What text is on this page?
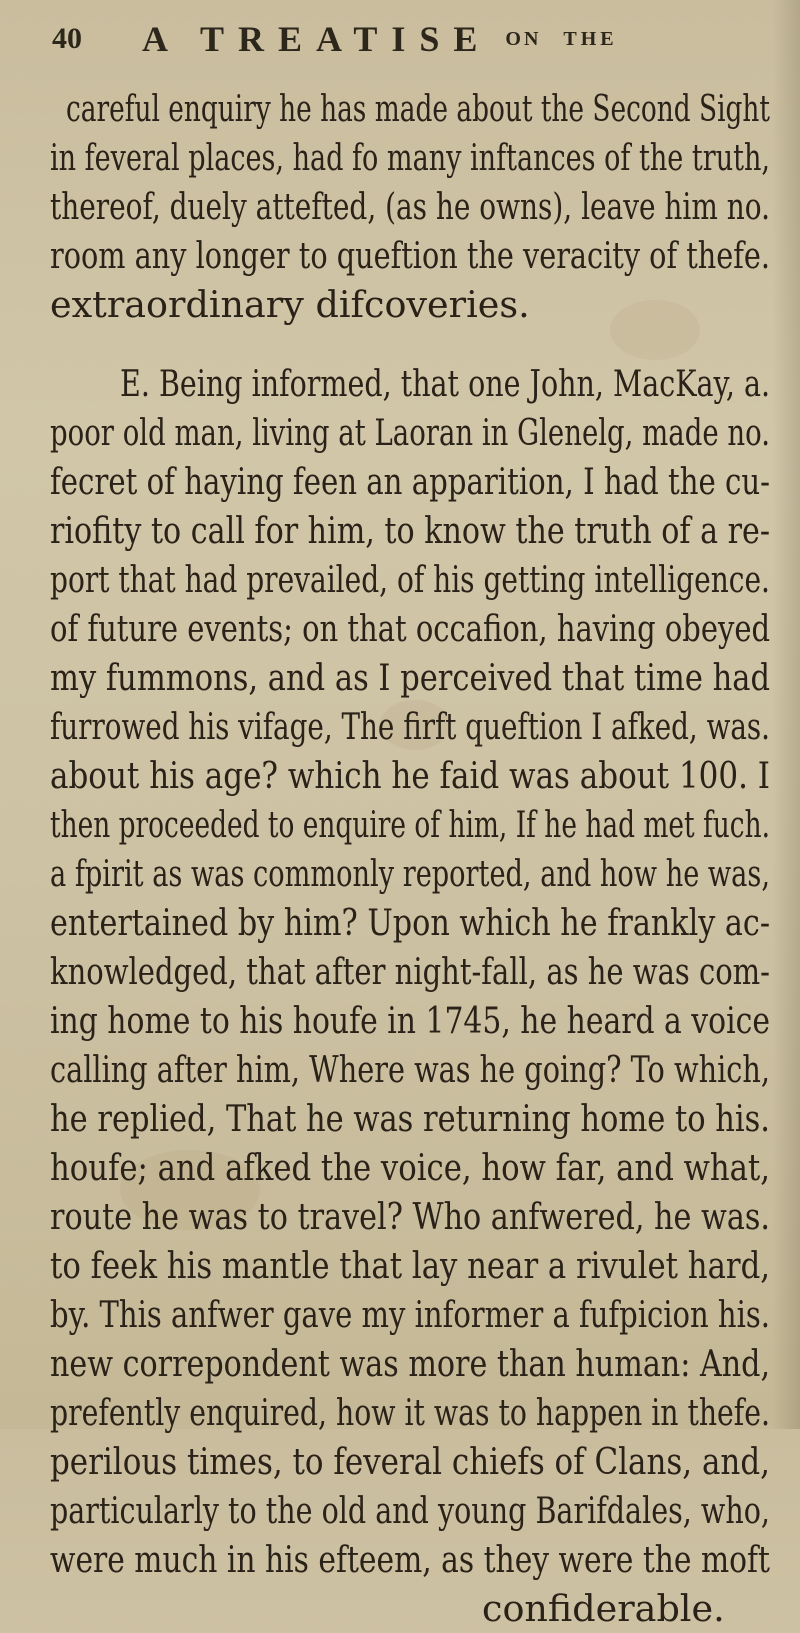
40	A TREATISE ON THE
careful enquiry he has made about the Second Sight
in feveral places, had fo many inftances of the truth,
thereof, duely attefted, (as he owns), leave him no.
room any longer to queftion the veracity of thefe.
extraordinary difcoveries.
E. Being informed, that one John, MacKay, a.
poor old man, living at Laoran in Glenelg, made no.
fecret of haying feen an apparition, I had the cu-
riofity to call for him, to know the truth of a re-
port that had prevailed, of his getting intelligence.
of future events; on that occafion, having obeyed
my fummons, and as I perceived that time had
furrowed his vifage, The firft queftion I afked, was.
about his age? which he faid was about 100. I
then proceeded to enquire of him, If he had met fuch.
a fpirit as was commonly reported, and how he was,
entertained by him? Upon which he frankly ac-
knowledged, that after night-fall, as he was com-
ing home to his houfe in 1745, he heard a voice
calling after him, Where was he going? To which,
he replied, That he was returning home to his.
houfe; and afked the voice, how far, and what,
route he was to travel? Who anfwered, he was.
to feek his mantle that lay near a rivulet hard,
by. This anfwer gave my informer a fufpicion his.
new correpondent was more than human: And,
prefently enquired, how it was to happen in thefe.
perilous times, to feveral chiefs of Clans, and,
particularly to the old and young Barifdales, who,
were much in his efteem, as they were the moft
confiderable.
